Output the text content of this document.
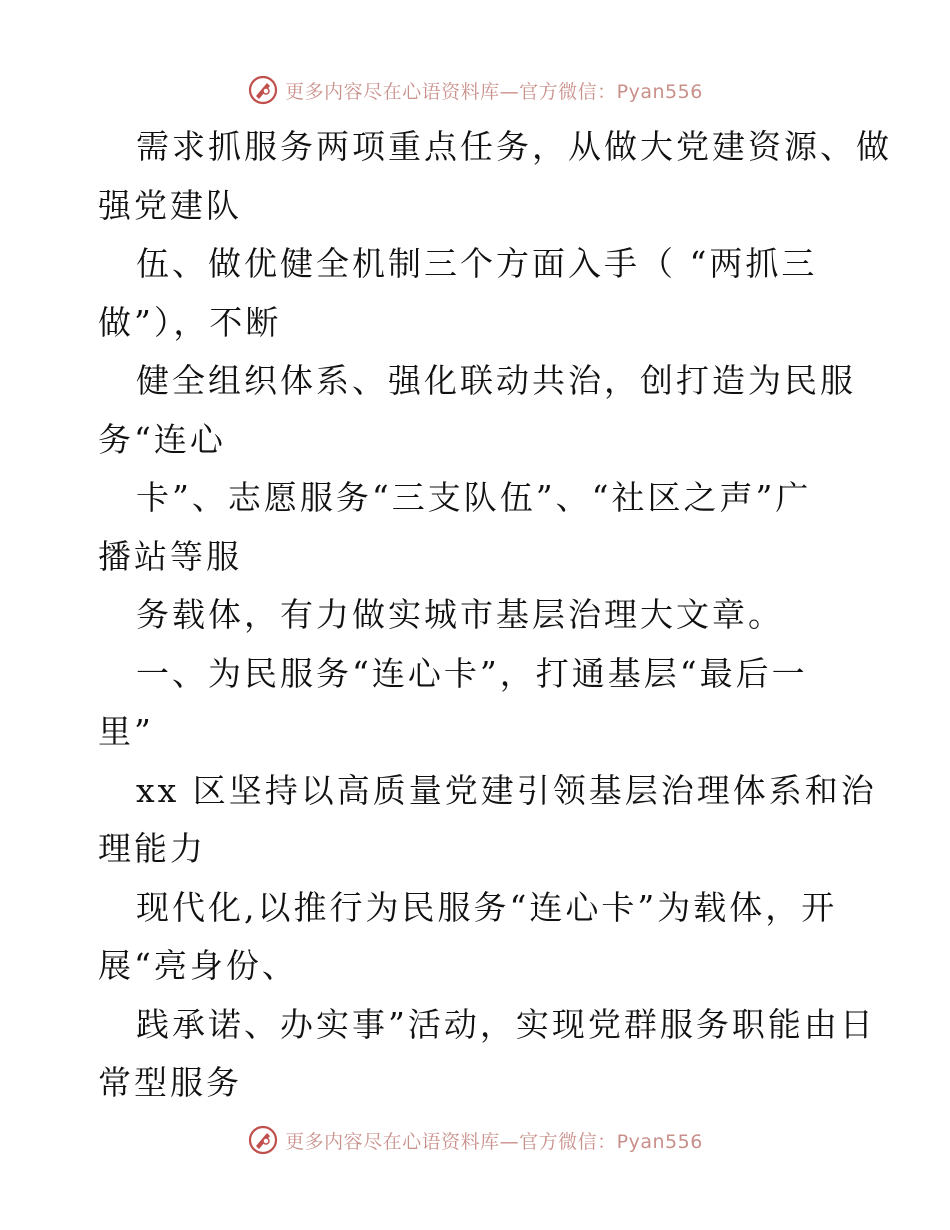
更多内容尽在心语资料库—官方微信：Pyan556
需求抓服务两项重点任务，从做大党建资源、做
强党建队
伍、做优健全机制三个方面入手（ “两抓三
做”），不断
健全组织体系、强化联动共治，创打造为民服
务“连心
卡”、志愿服务“三支队伍”、“社区之声”广
播站等服
务载体，有力做实城市基层治理大文章。
一、为民服务“连心卡”，打通基层“最后一
里”
xx 区坚持以高质量党建引领基层治理体系和治
理能力
现代化,以推行为民服务“连心卡”为载体，开
展“亮身份、
践承诺、办实事”活动，实现党群服务职能由日
常型服务
更多内容尽在心语资料库—官方微信：Pyan556
